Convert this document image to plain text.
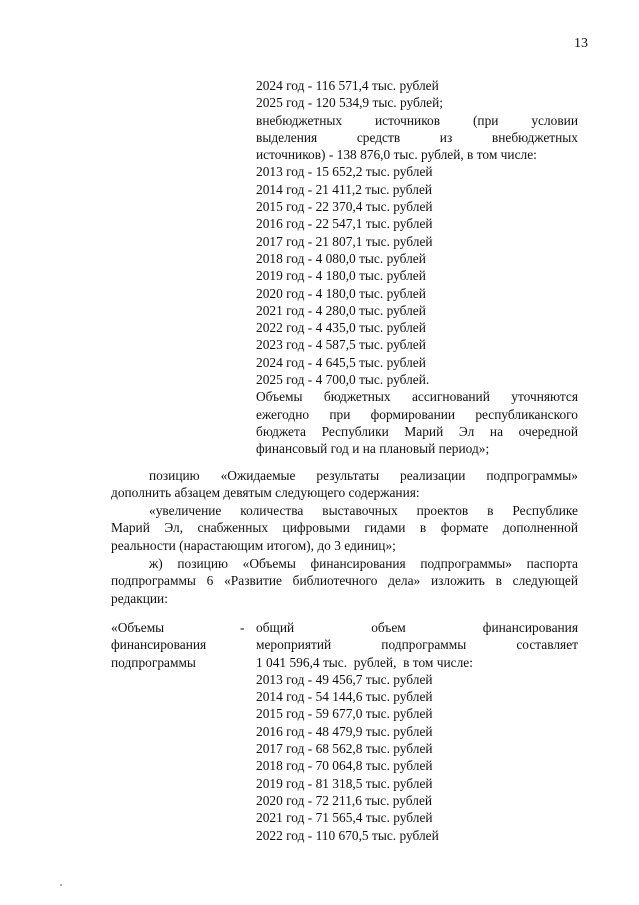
13
2024 год - 116 571,4 тыс. рублей
2025 год - 120 534,9 тыс. рублей;
внебюджетных источников (при условии
выделения средств из внебюджетных
источников) - 138 876,0 тыс. рублей, в том числе:
2013 год - 15 652,2 тыс. рублей
2014 год - 21 411,2 тыс. рублей
2015 год - 22 370,4 тыс. рублей
2016 год - 22 547,1 тыс. рублей
2017 год - 21 807,1 тыс. рублей
2018 год - 4 080,0 тыс. рублей
2019 год - 4 180,0 тыс. рублей
2020 год - 4 180,0 тыс. рублей
2021 год - 4 280,0 тыс. рублей
2022 год - 4 435,0 тыс. рублей
2023 год - 4 587,5 тыс. рублей
2024 год - 4 645,5 тыс. рублей
2025 год - 4 700,0 тыс. рублей.
Объемы бюджетных ассигнований уточняются
ежегодно при формировании республиканского
бюджета Республики Марий Эл на очередной
финансовый год и на плановый период»;
позицию «Ожидаемые результаты реализации подпрограммы»
дополнить абзацем девятым следующего содержания:
«увеличение количества выставочных проектов в Республике
Марий Эл, снабженных цифровыми гидами в формате дополненной
реальности (нарастающим итогом), до 3 единиц»;
ж) позицию «Объемы финансирования подпрограммы» паспорта
подпрограммы 6 «Развитие библиотечного дела» изложить в следующей
редакции:
«Объемы
финансирования
подпрограммы
- общий объем финансирования
мероприятий подпрограммы составляет
1 041 596,4 тыс.  рублей,  в том числе:
2013 год - 49 456,7 тыс. рублей
2014 год - 54 144,6 тыс. рублей
2015 год - 59 677,0 тыс. рублей
2016 год - 48 479,9 тыс. рублей
2017 год - 68 562,8 тыс. рублей
2018 год - 70 064,8 тыс. рублей
2019 год - 81 318,5 тыс. рублей
2020 год - 72 211,6 тыс. рублей
2021 год - 71 565,4 тыс. рублей
2022 год - 110 670,5 тыс. рублей
